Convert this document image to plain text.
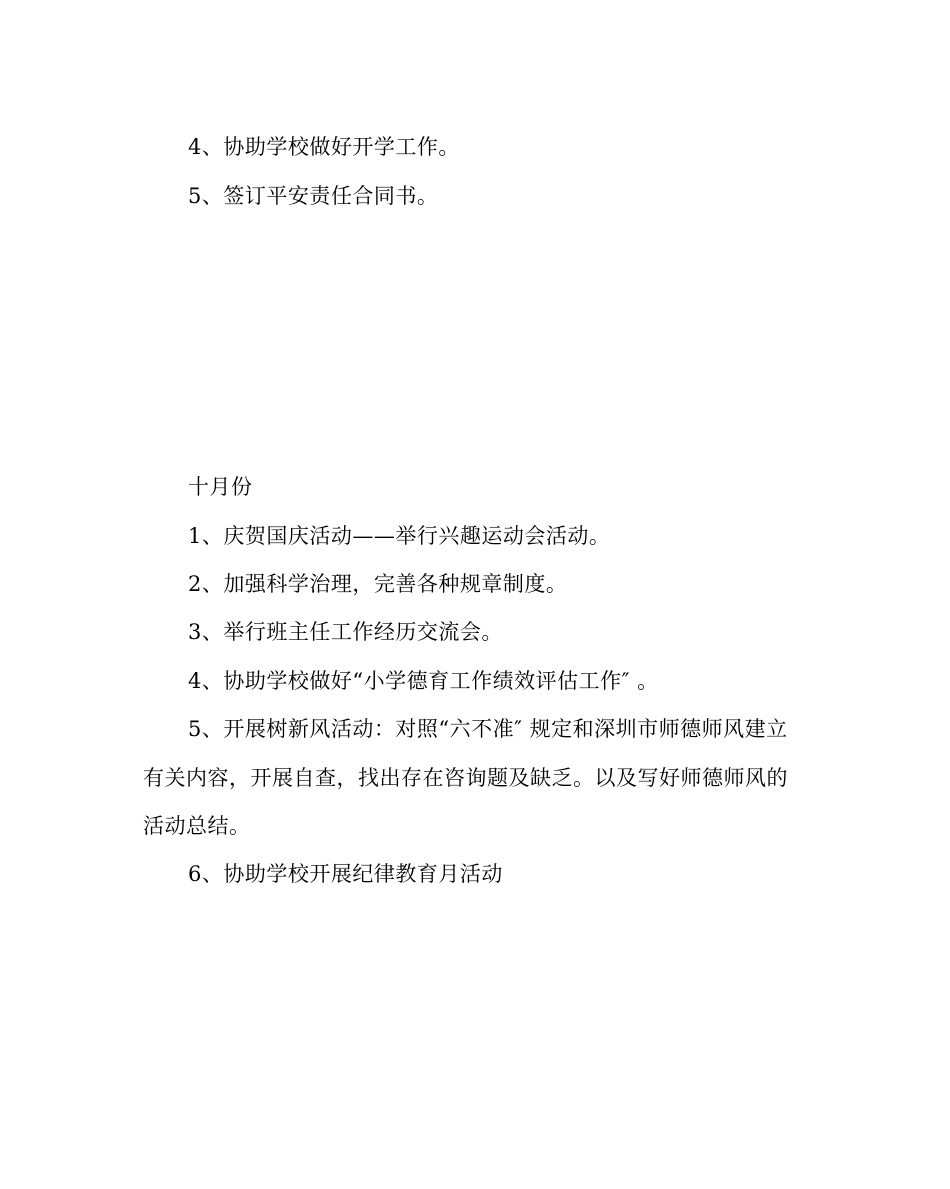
4、协助学校做好开学工作。
5、签订平安责任合同书。
十月份
1、庆贺国庆活动——举行兴趣运动会活动。
2、加强科学治理，完善各种规章制度。
3、举行班主任工作经历交流会。
4、协助学校做好“小学德育工作绩效评估工作″ 。
5、开展树新风活动：对照“六不准″ 规定和深圳市师德师风建立
有关内容，开展自查，找出存在咨询题及缺乏。以及写好师德师风的
活动总结。
6、协助学校开展纪律教育月活动
